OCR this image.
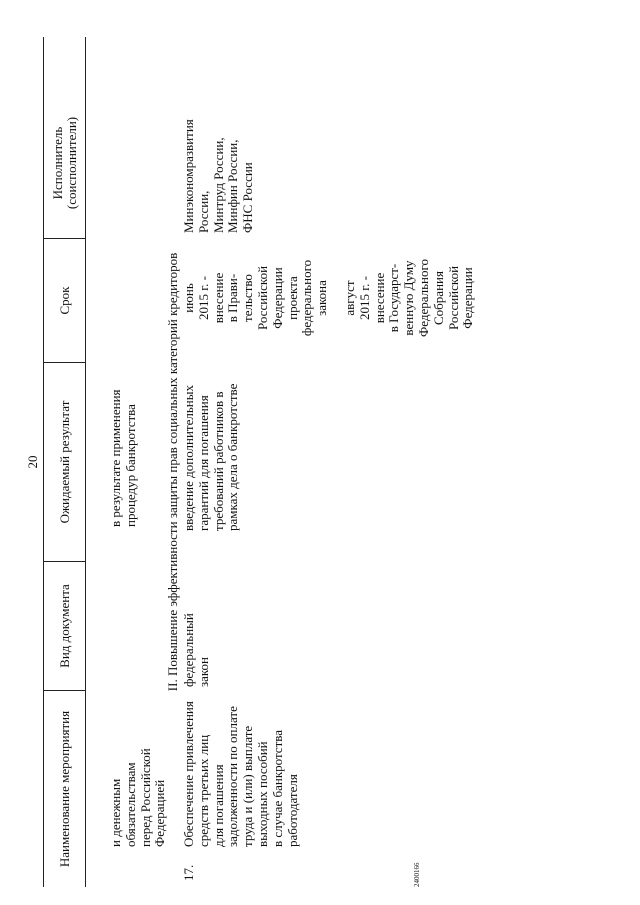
20
Наименование мероприятия
Вид документа
Ожидаемый результат
Срок
Исполнитель (соисполнители)
и денежным обязательствам
перед Российской
Федерацией
в результате применения
процедур банкротства II. Повышение эффективности защиты прав социальных категорий кредиторов
17.
Обеспечение привлечения
средств третьих лиц
для погашения
задолженности по оплате
труда и (или) выплате
выходных пособий
в случае банкротства
работодателя
федеральный
закон
введение дополнительных
гарантий для погашения
требований работников в
рамках дела о банкротстве
июнь
2015 г. -
внесение
в Прави-
тельство
Российской
Федерации
проекта
федерального
закона август
2015 г. -
внесение
в Государст-
венную Думу
Федерального
Собрания
Российской
Федерации
Минэкономразвития
России,
Минтруд России,
Минфин России,
ФНС России
2400166
